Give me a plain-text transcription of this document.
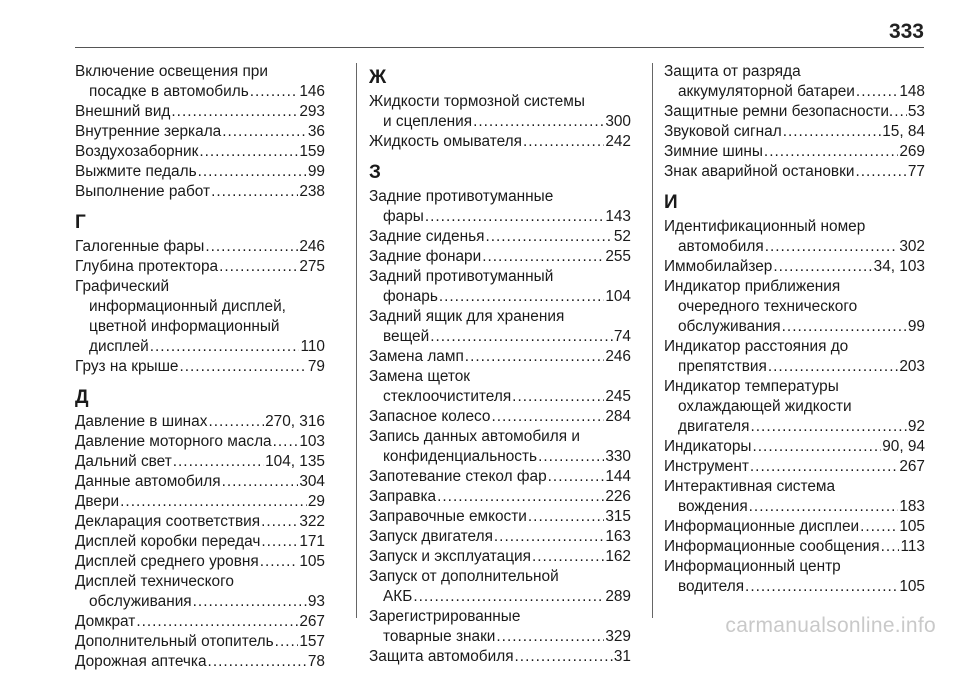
333
Включение освещения при
посадке в автомобиль .....	146
Внешний вид .....	293
Внутренние зеркала .....	36
Воздухозаборник .....	159
Выжмите педаль .....	99
Выполнение работ .....	238
Г
Галогенные фары .....	246
Глубина протектора .....	275
Графический
информационный дисплей,
цветной информационный
дисплей .....	110
Груз на крыше .....	79
Д
Давление в шинах .....	270, 316
Давление моторного масла ..... 103
Дальний свет .....	104, 135
Данные автомобиля .....	304
Двери .....	29
Декларация соответствия .....	322
Дисплей коробки передач .....	171
Дисплей среднего уровня .....	105
Дисплей технического
обслуживания .....	93
Домкрат .....	267
Дополнительный отопитель ..... 157
Дорожная аптечка .....	78
Ж
Жидкости тормозной системы
и сцепления .....	300
Жидкость омывателя .....	242
З
Задние противотуманные
фары .....	143
Задние сиденья .....	52
Задние фонари .....	255
Задний противотуманный
фонарь .....	104
Задний ящик для хранения
вещей .....	74
Замена ламп .....	246
Замена щеток
стеклоочистителя .....	245
Запасное колесо .....	284
Запись данных автомобиля и
конфиденциальность .....	330
Запотевание стекол фар .....	144
Заправка .....	226
Заправочные емкости .....	315
Запуск двигателя .....	163
Запуск и эксплуатация .....	162
Запуск от дополнительной
АКБ .....	289
Зарегистрированные
товарные знаки .....	329
Защита автомобиля .....	31
Защита от разряда
аккумуляторной батареи .....	148
Защитные ремни безопасности. ..... 53
Звуковой сигнал .....	15, 84
Зимние шины .....	269
Знак аварийной остановки .....	77
И
Идентификационный номер
автомобиля .....	302
Иммобилайзер .....	34, 103
Индикатор приближения
очередного технического
обслуживания .....	99
Индикатор расстояния до
препятствия .....	203
Индикатор температуры
охлаждающей жидкости
двигателя .....	92
Индикаторы .....	90, 94
Инструмент .....	267
Интерактивная система
вождения .....	183
Информационные дисплеи .....	105
Информационные сообщения ..... 113
Информационный центр
водителя .....	105
carmanualsonline.info
